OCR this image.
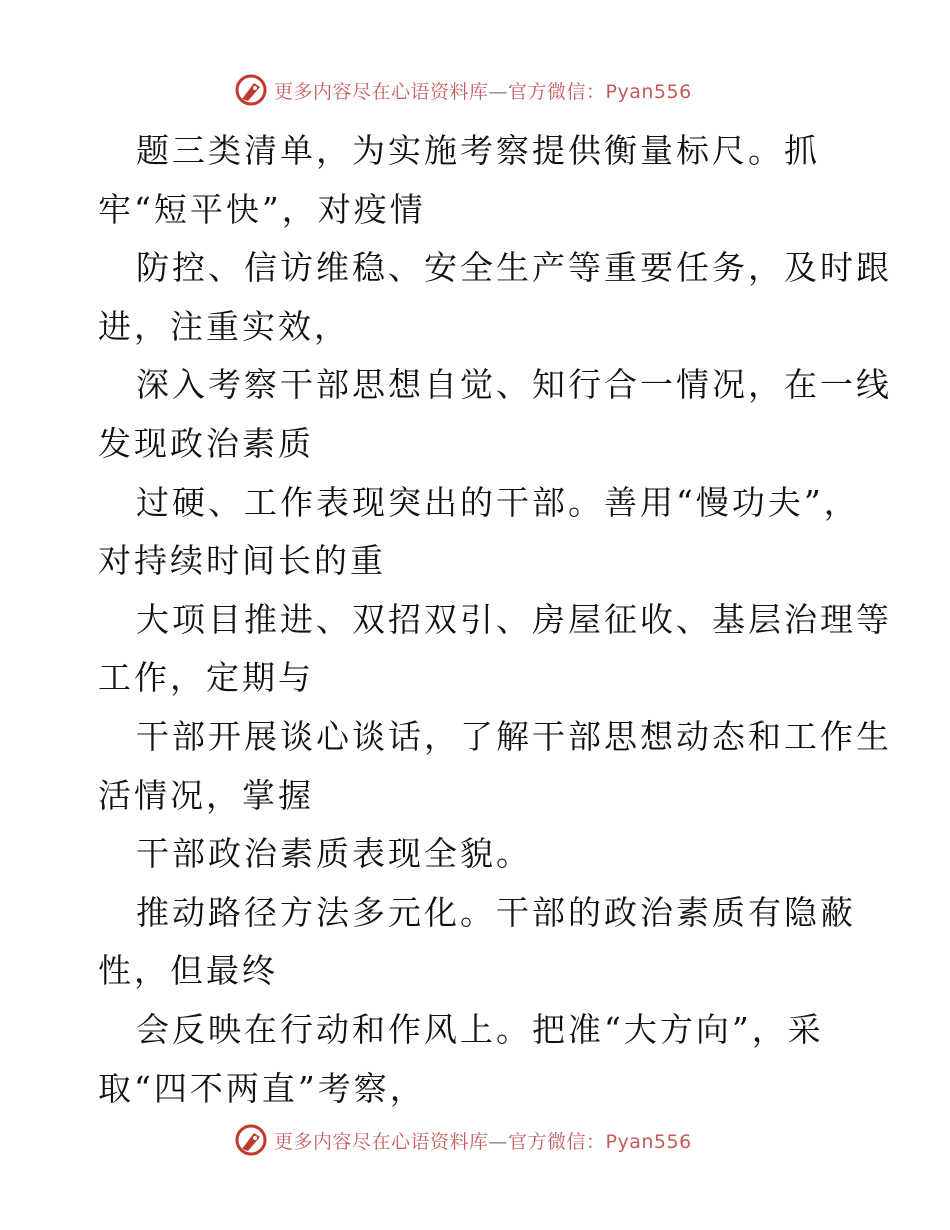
更多内容尽在心语资料库—官方微信：Pyan556
题三类清单，为实施考察提供衡量标尺。抓
牢“短平快”，对疫情
防控、信访维稳、安全生产等重要任务，及时跟
进，注重实效，
深入考察干部思想自觉、知行合一情况，在一线
发现政治素质
过硬、工作表现突出的干部。善用“慢功夫”，
对持续时间长的重
大项目推进、双招双引、房屋征收、基层治理等
工作，定期与
干部开展谈心谈话，了解干部思想动态和工作生
活情况，掌握
干部政治素质表现全貌。
推动路径方法多元化。干部的政治素质有隐蔽
性，但最终
会反映在行动和作风上。把准“大方向”，采
取“四不两直”考察，
更多内容尽在心语资料库—官方微信：Pyan556
